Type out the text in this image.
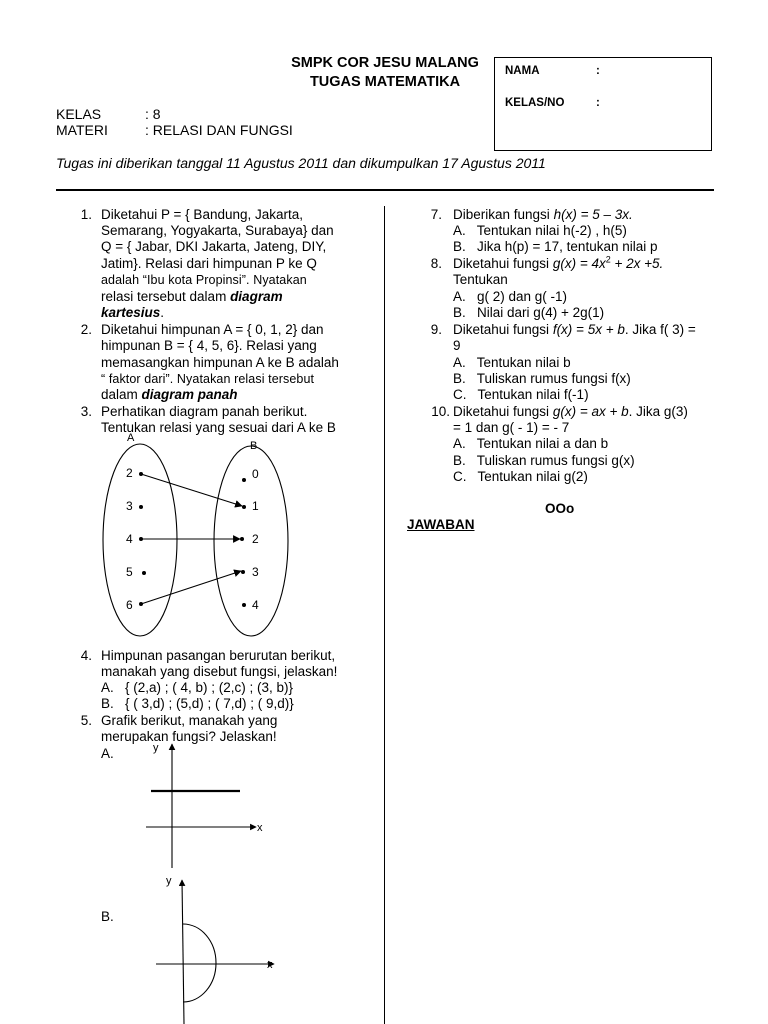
SMPK COR JESU MALANG
TUGAS MATEMATIKA
NAMA	:
KELAS/NO	:
KELAS	: 8
MATERI	: RELASI DAN FUNGSI
Tugas ini diberikan tanggal 11 Agustus 2011 dan dikumpulkan 17 Agustus 2011
1. Diketahui P = { Bandung, Jakarta,
Semarang, Yogyakarta, Surabaya} dan
Q = { Jabar, DKI Jakarta, Jateng, DIY,
Jatim}. Relasi dari himpunan P ke Q
adalah “Ibu kota Propinsi”. Nyatakan
relasi tersebut dalam diagram
kartesius.
2. Diketahui himpunan A = { 0, 1, 2} dan
himpunan B = { 4, 5, 6}. Relasi yang
memasangkan himpunan A ke B adalah
“ faktor dari”. Nyatakan relasi tersebut
dalam diagram panah
3. Perhatikan diagram panah berikut.
Tentukan relasi yang sesuai dari A ke B
A
B
2
3
4
5
6
0
1
2
3
4
4. Himpunan pasangan berurutan berikut,
manakah yang disebut fungsi, jelaskan!
A.   { (2,a) ; ( 4, b) ; (2,c) ; (3, b)}
B.   { ( 3,d) ; (5,d) ; ( 7,d) ; ( 9,d)}
5. Grafik berikut, manakah yang
merupakan fungsi? Jelaskan!
A.
B.
y
x
y
x
7. Diberikan fungsi h(x) = 5 – 3x.
A.   Tentukan nilai h(-2) , h(5)
B.   Jika h(p) = 17, tentukan nilai p
8. Diketahui fungsi $g(x) = 4x^2 + 2x +5$.
Tentukan
A.   g( 2) dan g( -1)
B.   Nilai dari g(4) + 2g(1)
9. Diketahui fungsi f(x) = 5x + b. Jika f( 3) =
9
A.   Tentukan nilai b
B.   Tuliskan rumus fungsi f(x)
C.   Tentukan nilai f(-1)
10. Diketahui fungsi g(x) = ax + b. Jika g(3)
= 1 dan g( - 1) = - 7
A.   Tentukan nilai a dan b
B.   Tuliskan rumus fungsi g(x)
C.   Tentukan nilai g(2)
OOo
JAWABAN
